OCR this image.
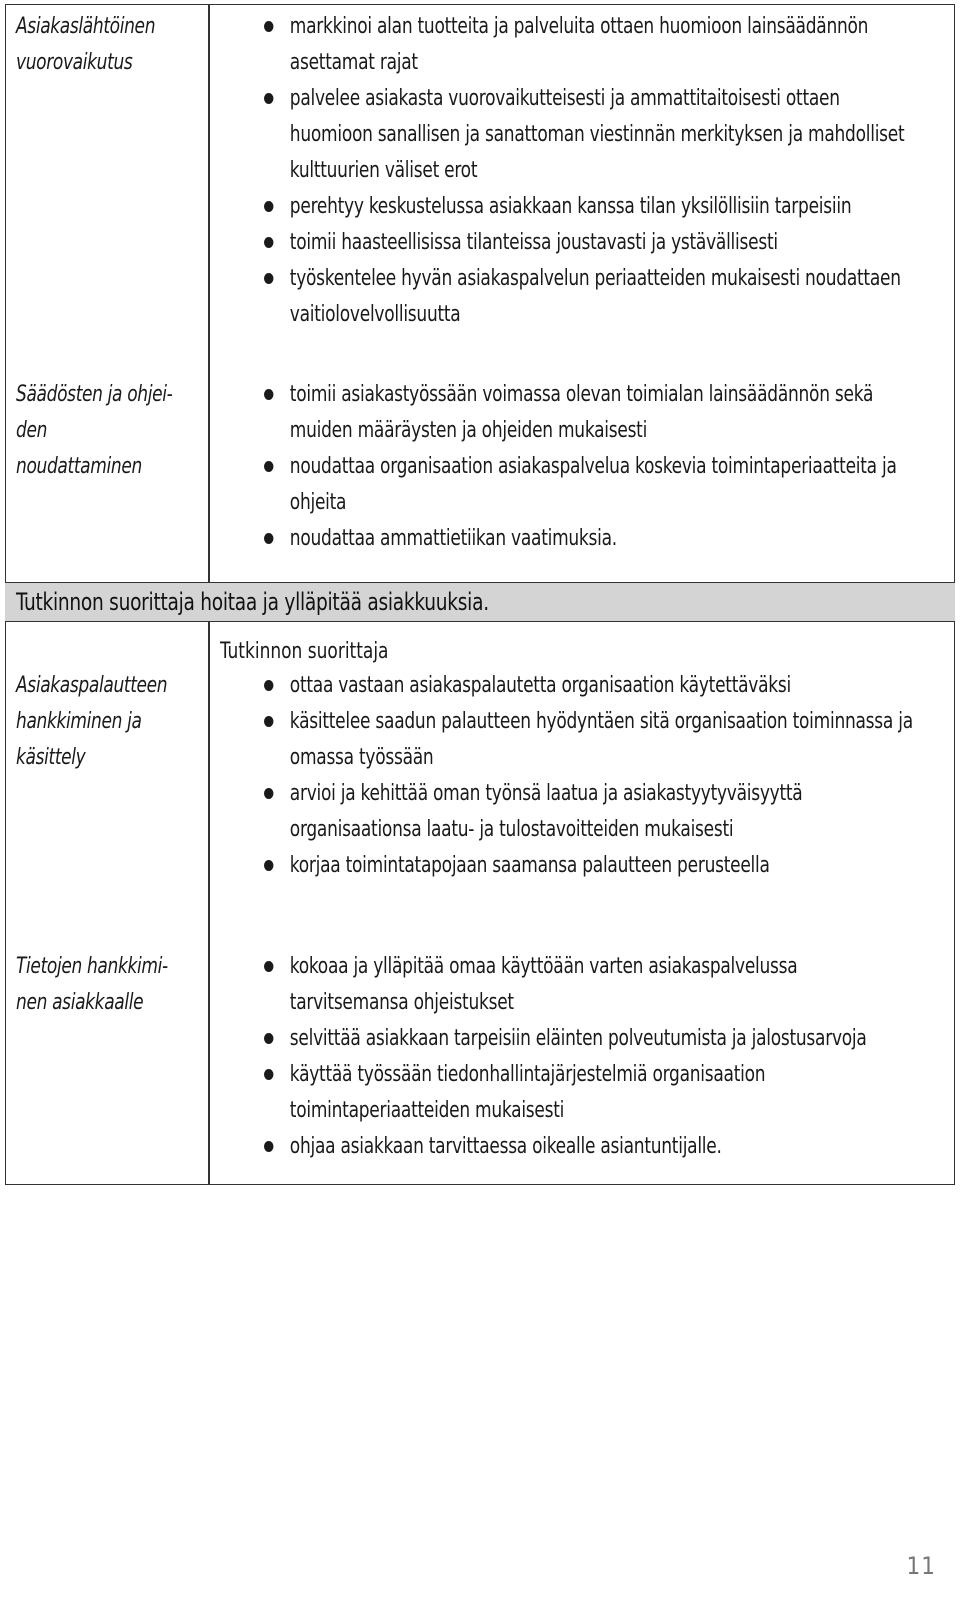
Asiakaslähtöinen
vuorovaikutus
markkinoi alan tuotteita ja palveluita ottaen huomioon lainsäädännön asettamat rajat
palvelee asiakasta vuorovaikutteisesti ja ammattitaitoisesti ottaen huomioon sanallisen ja sanattoman viestinnän merkityksen ja mahdolliset kulttuurien väliset erot
perehtyy keskustelussa asiakkaan kanssa tilan yksilöllisiin tarpeisiin
toimii haasteellisissa tilanteissa joustavasti ja ystävällisesti
työskentelee hyvän asiakaspalvelun periaatteiden mukaisesti noudattaen vaitiolovelvollisuutta
Säädösten ja ohjei-
den noudattaminen
toimii asiakastyössään voimassa olevan toimialan lainsäädännön sekä muiden määräysten ja ohjeiden mukaisesti
noudattaa organisaation asiakaspalvelua koskevia toimintaperiaatteita ja ohjeita
noudattaa ammattietiikan vaatimuksia.
Tutkinnon suorittaja hoitaa ja ylläpitää asiakkuuksia.
Tutkinnon suorittaja
Asiakaspalautteen
hankkiminen ja
käsittely
ottaa vastaan asiakaspalautetta organisaation käytettäväksi
käsittelee saadun palautteen hyödyntäen sitä organisaation toiminnassa ja omassa työssään
arvioi ja kehittää oman työnsä laatua ja asiakastyytyväisyyttä organisaationsa laatu- ja tulostavoitteiden mukaisesti
korjaa toimintatapojaan saamansa palautteen perusteella
Tietojen hankkimi-
nen asiakkaalle
kokoaa ja ylläpitää omaa käyttöään varten asiakaspalvelussa tarvitsemansa ohjeistukset
selvittää asiakkaan tarpeisiin eläinten polveutumista ja jalostusarvoja
käyttää työssään tiedonhallintajärjestelmiä organisaation toimintaperiaatteiden mukaisesti
ohjaa asiakkaan tarvittaessa oikealle asiantuntijalle.
11
